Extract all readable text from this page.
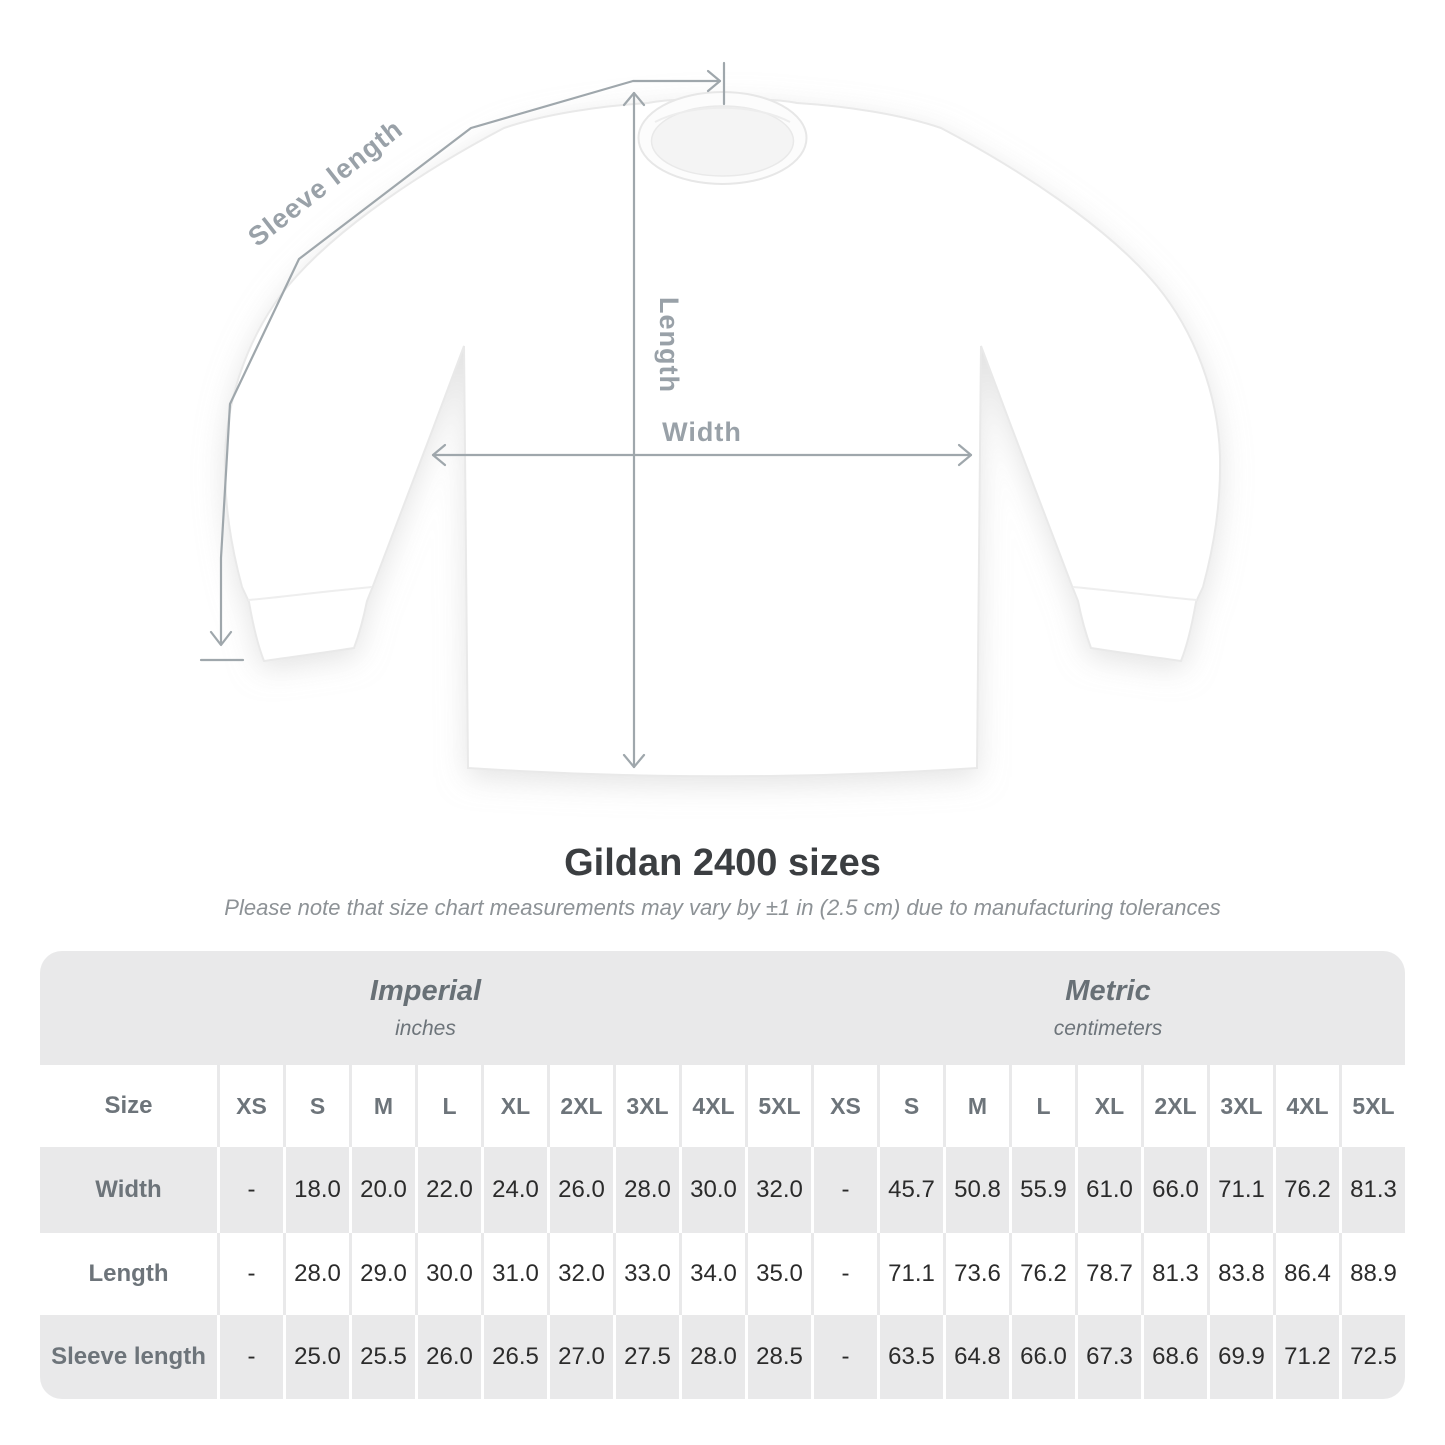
Sleeve length
Length
Width
Gildan 2400 sizes

Please note that size chart measurements may vary by ±1 in (2.5 cm) due to manufacturing tolerances

Imperial
inches
Metric
centimeters
Size	XS	S	M	L	XL	2XL	3XL	4XL	5XL	XS	S	M	L	XL	2XL	3XL	4XL	5XL
Width	-	18.0 20.0 22.0 24.0 26.0 28.0 30.0 32.0	-	45.7 50.8 55.9 61.0 66.0 71.1 76.2 81.3
Length	-	28.0 29.0 30.0 31.0 32.0 33.0 34.0 35.0	-	71.1 73.6 76.2 78.7 81.3 83.8 86.4 88.9
Sleeve length	-	25.0 25.5 26.0 26.5 27.0 27.5 28.0 28.5	-	63.5 64.8 66.0 67.3 68.6 69.9 71.2 72.5
